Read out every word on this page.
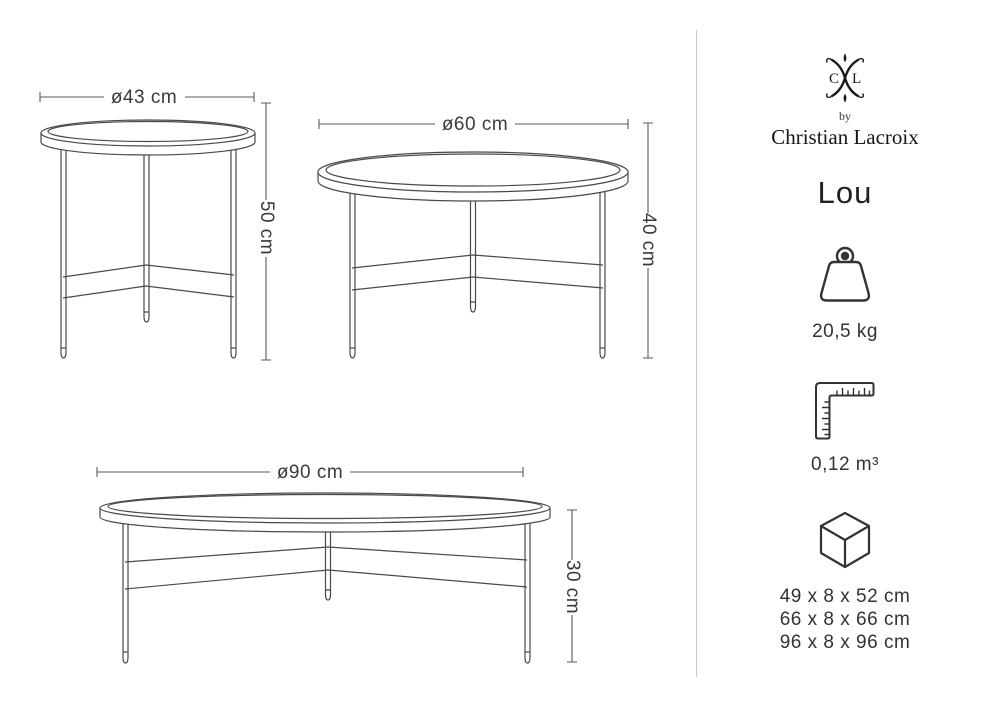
ø43 cm
50 cm
ø60 cm
40 cm
ø90 cm
30 cm
C L
by
Christian Lacroix
Lou
20,5 kg
0,12 m³
49 x 8 x 52 cm
66 x 8 x 66 cm
96 x 8 x 96 cm
